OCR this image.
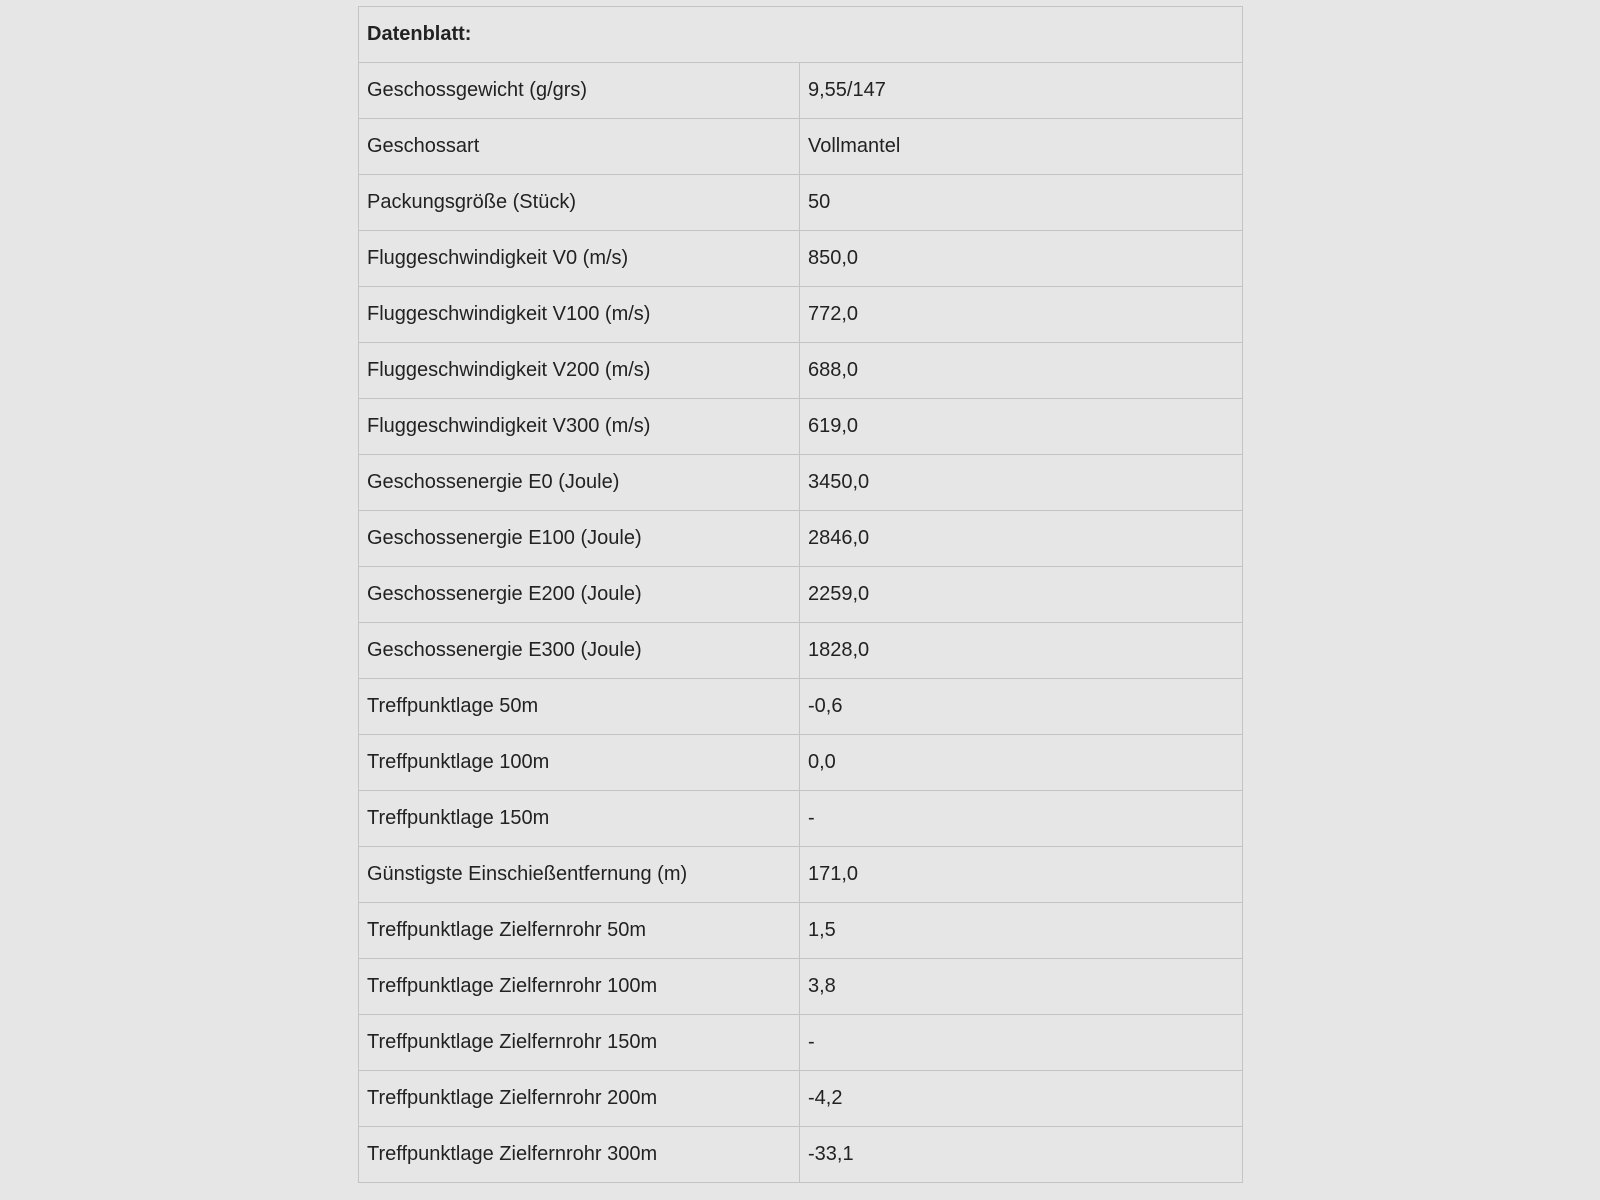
Datenblatt:	
Geschossgewicht (g/grs)	9,55/147
Geschossart	Vollmantel
Packungsgröße (Stück)	50
Fluggeschwindigkeit V0 (m/s)	850,0
Fluggeschwindigkeit V100 (m/s)	772,0
Fluggeschwindigkeit V200 (m/s)	688,0
Fluggeschwindigkeit V300 (m/s)	619,0
Geschossenergie E0 (Joule)	3450,0
Geschossenergie E100 (Joule)	2846,0
Geschossenergie E200 (Joule)	2259,0
Geschossenergie E300 (Joule)	1828,0
Treffpunktlage 50m	-0,6
Treffpunktlage 100m	0,0
Treffpunktlage 150m	-
Günstigste Einschießentfernung (m)	171,0
Treffpunktlage Zielfernrohr 50m	1,5
Treffpunktlage Zielfernrohr 100m	3,8
Treffpunktlage Zielfernrohr 150m	-
Treffpunktlage Zielfernrohr 200m	-4,2
Treffpunktlage Zielfernrohr 300m	-33,1
